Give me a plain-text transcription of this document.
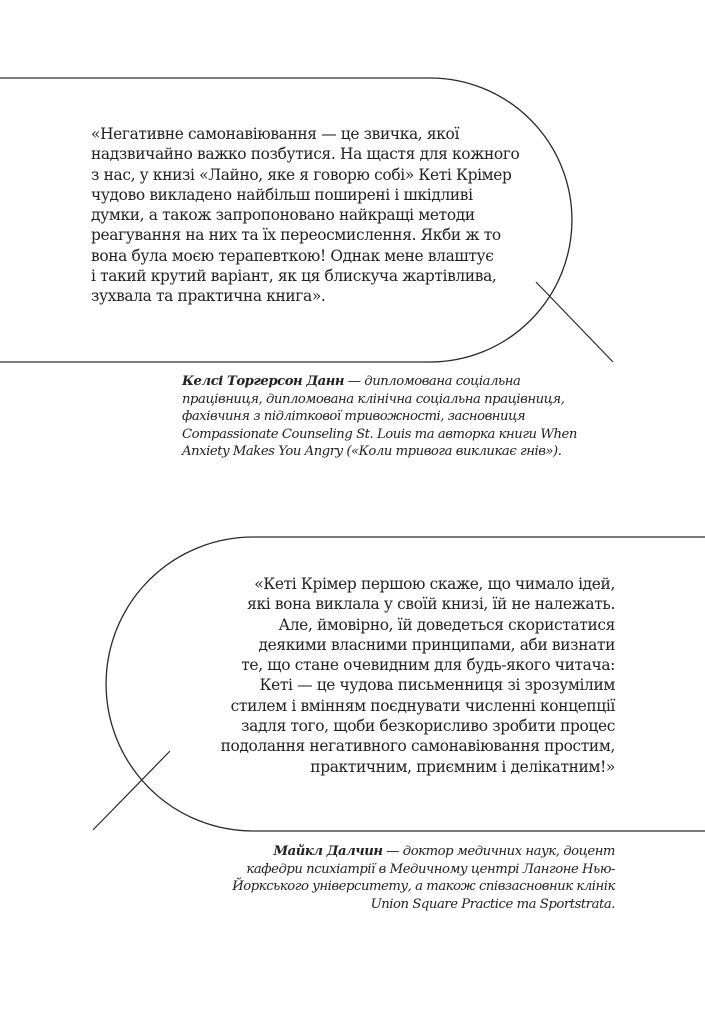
«Негативне самонавіювання — це звичка, якої
надзвичайно важко позбутися. На щастя для кожного
з нас, у книзі «Лайно, яке я говорю собі» Кеті Крімер
чудово викладено найбільш поширені і шкідливі
думки, а також запропоновано найкращі методи
реагування на них та їх переосмислення. Якби ж то
вона була моєю терапевткою! Однак мене влаштує
і такий крутий варіант, як ця блискуча жартівлива,
зухвала та практична книга».
Келсі Торгерсон Данн — дипломована соціальна
працівниця, дипломована клінічна соціальна працівниця,
фахівчиня з підліткової тривожності, засновниця
Compassionate Counseling St. Louis та авторка книги When
Anxiety Makes You Angry («Коли тривога викликає гнів»).
«Кеті Крімер першою скаже, що чимало ідей,
які вона виклала у своїй книзі, їй не належать.
Але, ймовірно, їй доведеться скористатися
деякими власними принципами, аби визнати
те, що стане очевидним для будь-якого читача:
Кеті — це чудова письменниця зі зрозумілим
стилем і вмінням поєднувати численні концепції
задля того, щоби безкорисливо зробити процес
подолання негативного самонавіювання простим,
практичним, приємним і делікатним!»
Майкл Далчин — доктор медичних наук, доцент
кафедри психіатрії в Медичному центрі Лангоне Нью-
Йоркського університету, а також співзасновник клінік
Union Square Practice та Sportstrata.
